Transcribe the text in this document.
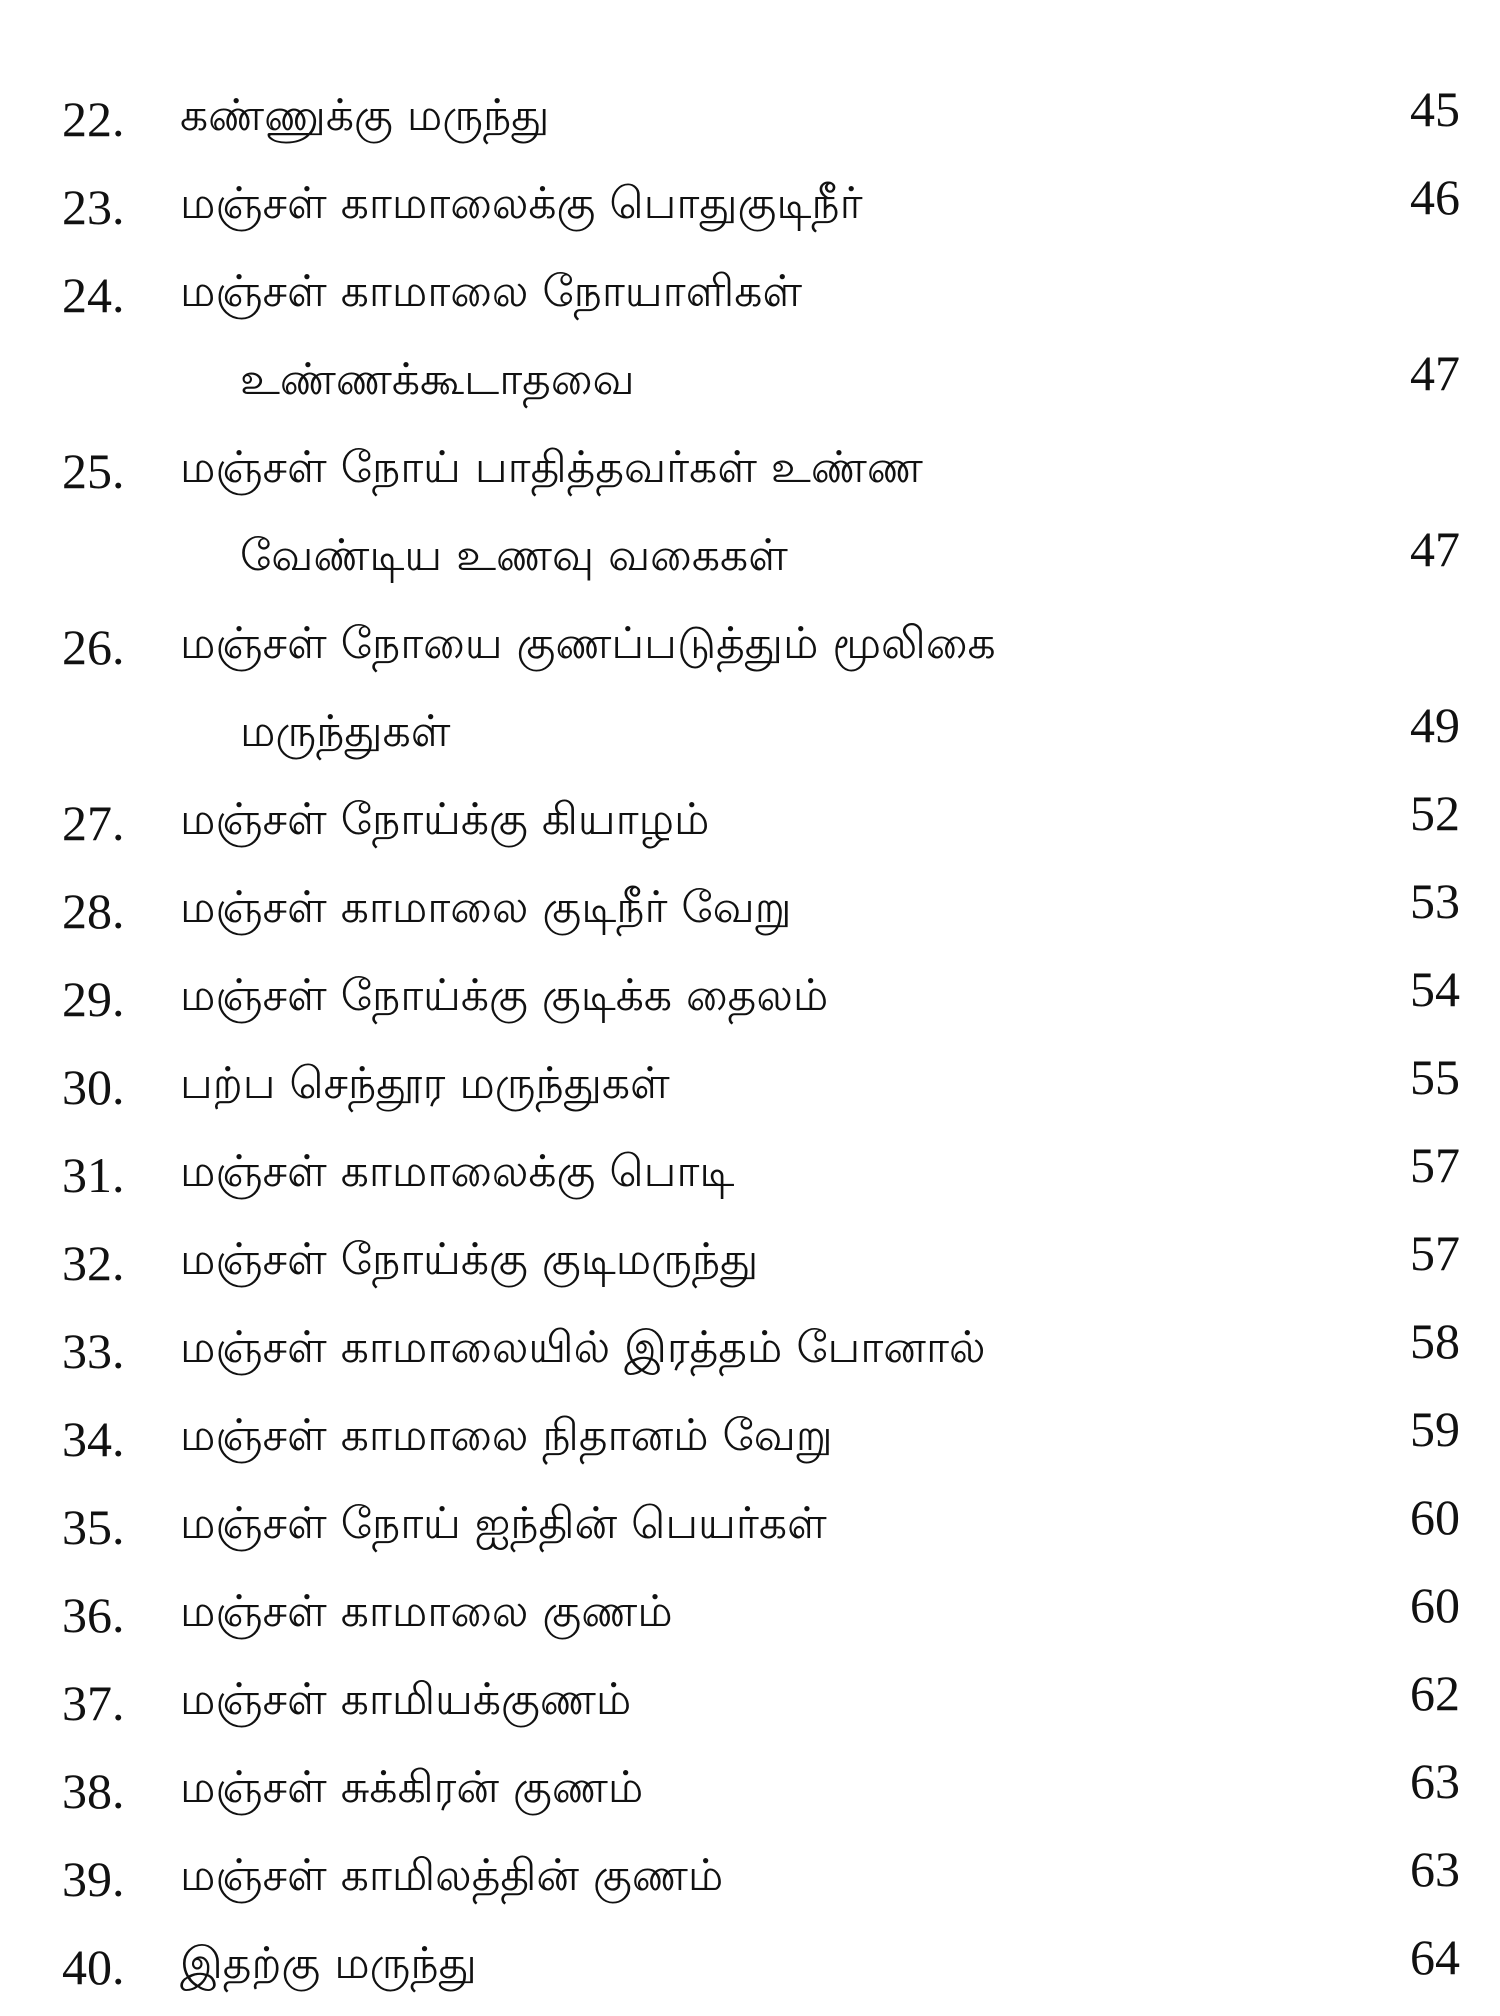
22. கண்ணுக்கு மருந்து	45
23. மஞ்சள் காமாலைக்கு பொதுகுடிநீர்	46
24. மஞ்சள் காமாலை நோயாளிகள்
உண்ணக்கூடாதவை	47
25. மஞ்சள் நோய் பாதித்தவர்கள் உண்ண
வேண்டிய உணவு வகைகள்	47
26. மஞ்சள் நோயை குணப்படுத்தும் மூலிகை
மருந்துகள்	49
27. மஞ்சள் நோய்க்கு கியாழம்	52
28. மஞ்சள் காமாலை குடிநீர் வேறு	53
29. மஞ்சள் நோய்க்கு குடிக்க தைலம்	54
30. பற்ப செந்தூர மருந்துகள்	55
31. மஞ்சள் காமாலைக்கு பொடி	57
32. மஞ்சள் நோய்க்கு குடிமருந்து	57
33. மஞ்சள் காமாலையில் இரத்தம் போனால்	58
34. மஞ்சள் காமாலை நிதானம் வேறு	59
35. மஞ்சள் நோய் ஐந்தின் பெயர்கள்	60
36. மஞ்சள் காமாலை குணம்	60
37. மஞ்சள் காமியக்குணம்	62
38. மஞ்சள் சுக்கிரன் குணம்	63
39. மஞ்சள் காமிலத்தின் குணம்	63
40. இதற்கு மருந்து	64
